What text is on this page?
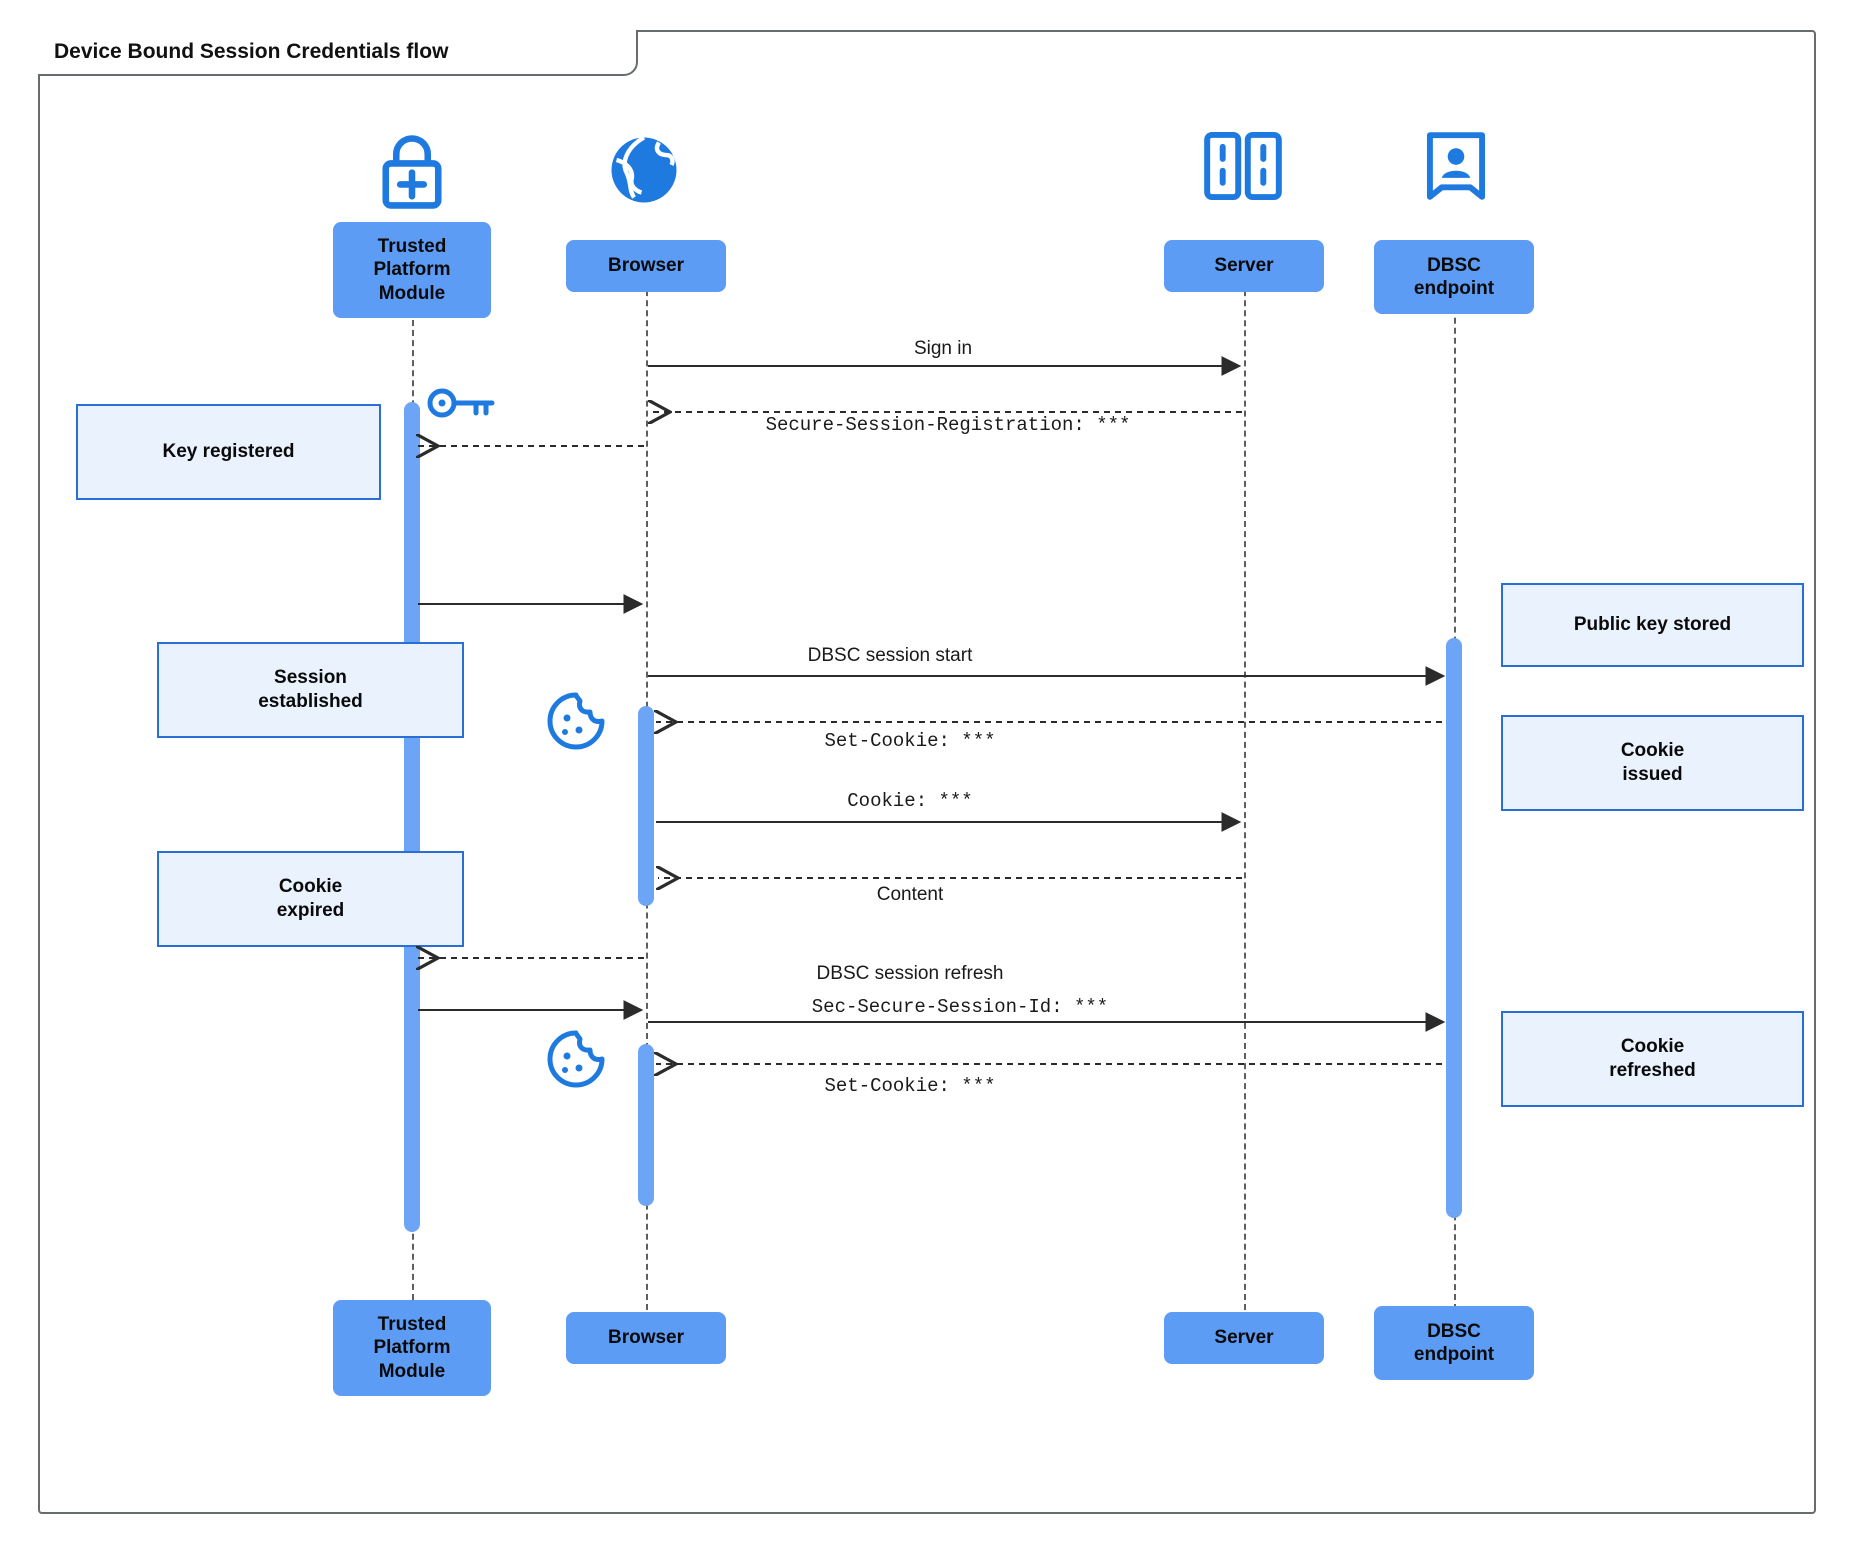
Device Bound Session Credentials flow
Trusted
Platform
Module
Browser	Server	DBSC
endpoint
Trusted
Platform
Module
Browser	Server	DBSC
endpoint
Key registered
Session
established
Cookie
expired
Public key stored
Cookie
issued
Cookie
refreshed
Sign in
Secure-Session-Registration: ***
DBSC session start
Set-Cookie: ***
Cookie: ***
Content
DBSC session refresh
Sec-Secure-Session-Id: ***
Set-Cookie: ***
